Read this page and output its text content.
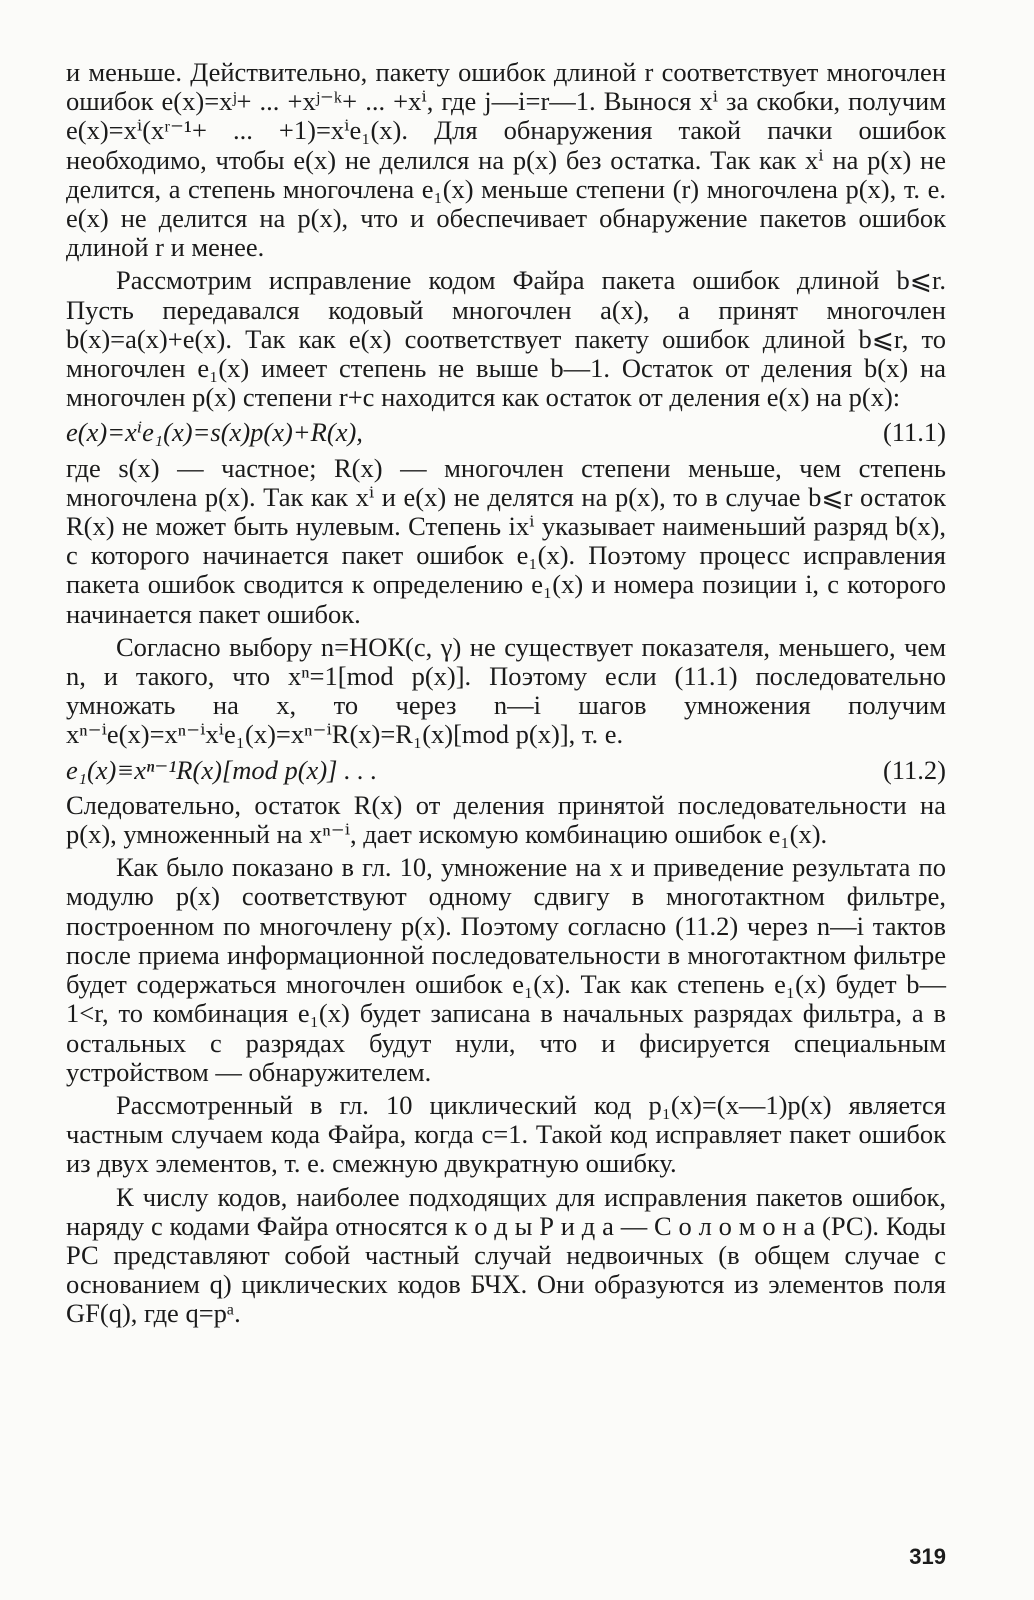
и меньше. Действительно, пакету ошибок длиной r соответствует многочлен ошибок e(x)=xʲ+ ... +xʲ⁻ᵏ+ ... +xⁱ, где j—i=r—1. Вынося xⁱ за скобки, получим e(x)=xⁱ(xʳ⁻¹+ ... +1)=xⁱe₁(x). Для обнаружения такой пачки ошибок необходимо, чтобы e(x) не делился на p(x) без остатка. Так как xⁱ на p(x) не делится, а степень многочлена e₁(x) меньше степени (r) многочлена p(x), т. е. e(x) не делится на p(x), что и обеспечивает обнаружение пакетов ошибок длиной r и менее.

Рассмотрим исправление кодом Файра пакета ошибок длиной b⩽r. Пусть передавался кодовый многочлен a(x), а принят многочлен b(x)=a(x)+e(x). Так как e(x) соответствует пакету ошибок длиной b⩽r, то многочлен e₁(x) имеет степень не выше b—1. Остаток от деления b(x) на многочлен p(x) степени r+c находится как остаток от деления e(x) на p(x):

e(x)=xⁱe₁(x)=s(x)p(x)+R(x),	(11.1)

где s(x) — частное; R(x) — многочлен степени меньше, чем степень многочлена p(x). Так как xⁱ и e(x) не делятся на p(x), то в случае b⩽r остаток R(x) не может быть нулевым. Степень ixⁱ указывает наименьший разряд b(x), с которого начинается пакет ошибок e₁(x). Поэтому процесс исправления пакета ошибок сводится к определению e₁(x) и номера позиции i, с которого начинается пакет ошибок.

Согласно выбору n=НОК(c, γ) не существует показателя, меньшего, чем n, и такого, что xⁿ=1[mod p(x)]. Поэтому если (11.1) последовательно умножать на x, то через n—i шагов умножения получим xⁿ⁻ⁱe(x)=xⁿ⁻ⁱxⁱe₁(x)=xⁿ⁻ⁱR(x)=R₁(x)[mod p(x)], т. е.

e₁(x)≡xⁿ⁻¹R(x)[mod p(x)] . . .	(11.2)

Следовательно, остаток R(x) от деления принятой последовательности на p(x), умноженный на xⁿ⁻ⁱ, дает искомую комбинацию ошибок e₁(x).

Как было показано в гл. 10, умножение на x и приведение результата по модулю p(x) соответствуют одному сдвигу в многотактном фильтре, построенном по многочлену p(x). Поэтому согласно (11.2) через n—i тактов после приема информационной последовательности в многотактном фильтре будет содержаться многочлен ошибок e₁(x). Так как степень e₁(x) будет b—1<r, то комбинация e₁(x) будет записана в начальных разрядах фильтра, а в остальных c разрядах будут нули, что и фисируется специальным устройством — обнаружителем.

Рассмотренный в гл. 10 циклический код p₁(x)=(x—1)p(x) является частным случаем кода Файра, когда c=1. Такой код исправляет пакет ошибок из двух элементов, т. е. смежную двукратную ошибку.

К числу кодов, наиболее подходящих для исправления пакетов ошибок, наряду с кодами Файра относятся к о д ы Р и д а — С о л о м о н а (РС). Коды РС представляют собой частный случай недвоичных (в общем случае с основанием q) циклических кодов БЧХ. Они образуются из элементов поля GF(q), где q=pᵃ.

319
